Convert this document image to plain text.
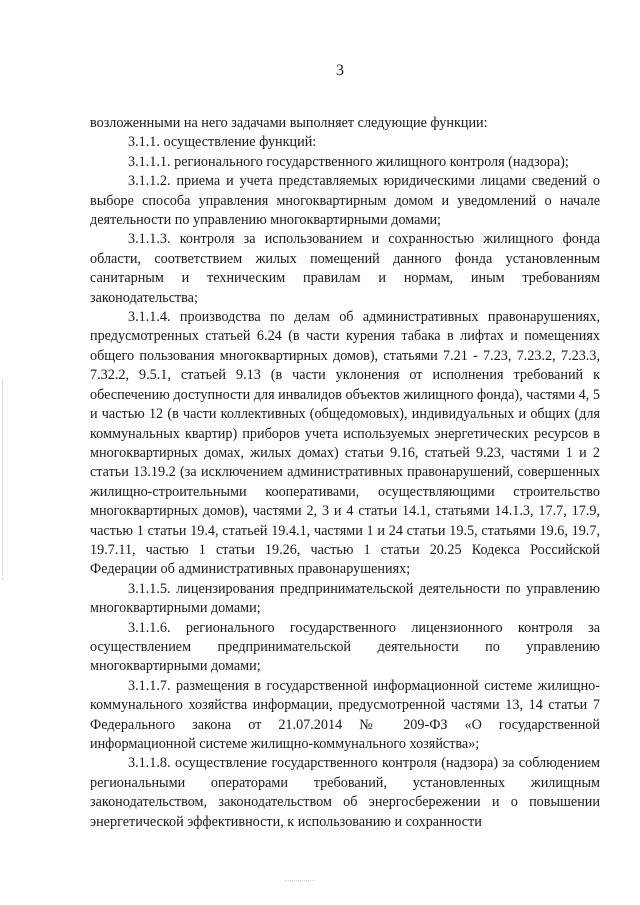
3

возложенными на него задачами выполняет следующие функции:

3.1.1. осуществление функций:

3.1.1.1. регионального государственного жилищного контроля (надзора);

3.1.1.2. приема и учета представляемых юридическими лицами сведений о выборе способа управления многоквартирным домом и уведомлений о начале деятельности по управлению многоквартирными домами;

3.1.1.3. контроля за использованием и сохранностью жилищного фонда области, соответствием жилых помещений данного фонда установленным санитарным и техническим правилам и нормам, иным требованиям законодательства;

3.1.1.4. производства по делам об административных правонарушениях, предусмотренных статьей 6.24 (в части курения табака в лифтах и помещениях общего пользования многоквартирных домов), статьями 7.21 - 7.23, 7.23.2, 7.23.3, 7.32.2, 9.5.1, статьей 9.13 (в части уклонения от исполнения требований к обеспечению доступности для инвалидов объектов жилищного фонда), частями 4, 5 и частью 12 (в части коллективных (общедомовых), индивидуальных и общих (для коммунальных квартир) приборов учета используемых энергетических ресурсов в многоквартирных домах, жилых домах) статьи 9.16, статьей 9.23, частями 1 и 2 статьи 13.19.2 (за исключением административных правонарушений, совершенных жилищно-строительными кооперативами, осуществляющими строительство многоквартирных домов), частями 2, 3 и 4 статьи 14.1, статьями 14.1.3, 17.7, 17.9, частью 1 статьи 19.4, статьей 19.4.1, частями 1 и 24 статьи 19.5, статьями 19.6, 19.7, 19.7.11, частью 1 статьи 19.26, частью 1 статьи 20.25 Кодекса Российской Федерации об административных правонарушениях;

3.1.1.5. лицензирования предпринимательской деятельности по управлению многоквартирными домами;

3.1.1.6. регионального государственного лицензионного контроля за осуществлением предпринимательской деятельности по управлению многоквартирными домами;

3.1.1.7. размещения в государственной информационной системе жилищно-коммунального хозяйства информации, предусмотренной частями 13, 14 статьи 7 Федерального закона от 21.07.2014 № 209-ФЗ «О государственной информационной системе жилищно-коммунального хозяйства»;

3.1.1.8. осуществление государственного контроля (надзора) за соблюдением региональными операторами требований, установленных жилищным законодательством, законодательством об энергосбережении и о повышении энергетической эффективности, к использованию и сохранности
